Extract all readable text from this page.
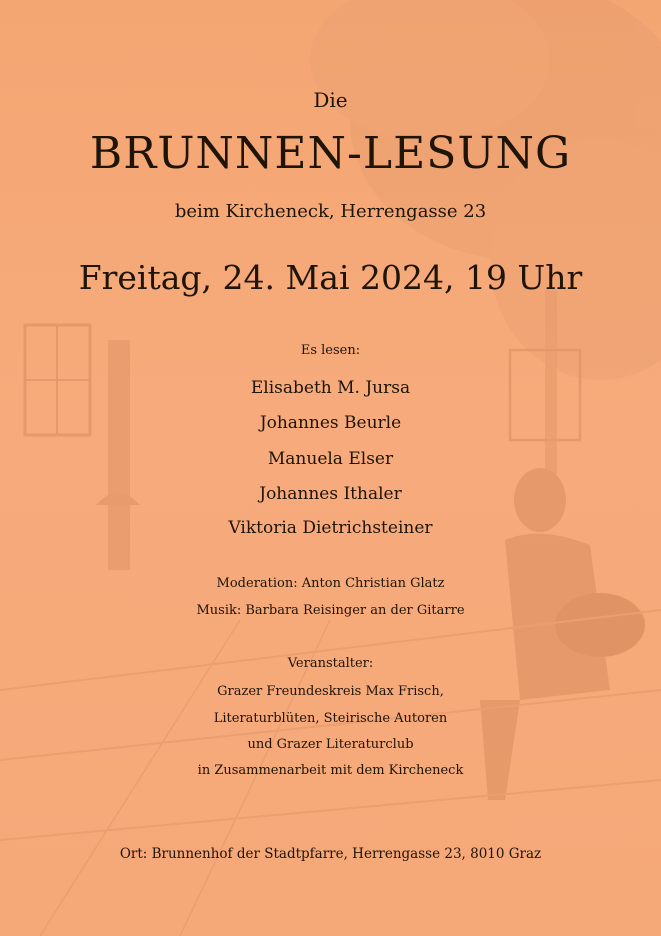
Die

BRUNNEN-LESUNG

beim Kircheneck, Herrengasse 23

Freitag, 24. Mai 2024, 19 Uhr

Es lesen:

Elisabeth M. Jursa

Johannes Beurle

Manuela Elser

Johannes Ithaler

Viktoria Dietrichsteiner

Moderation: Anton Christian Glatz

Musik: Barbara Reisinger an der Gitarre

Veranstalter:

Grazer Freundeskreis Max Frisch,

Literaturblüten, Steirische Autoren

und Grazer Literaturclub

in Zusammenarbeit mit dem Kircheneck

Ort: Brunnenhof der Stadtpfarre, Herrengasse 23, 8010 Graz
